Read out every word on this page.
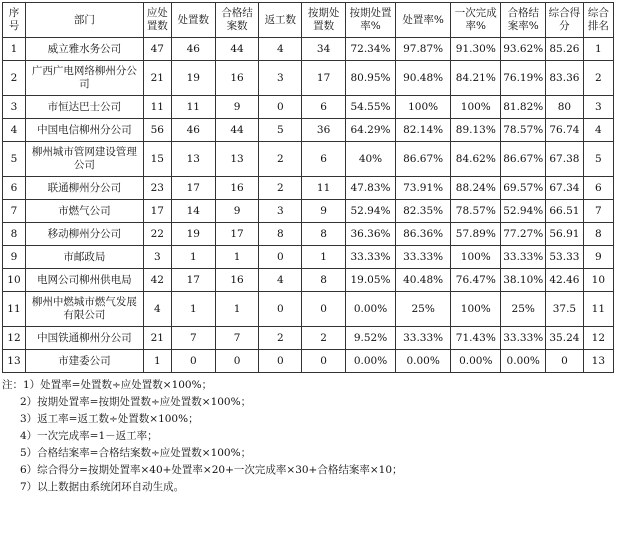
序号	部门	应处置数	处置数	合格结案数	返工数	按期处置数	按期处置率%	处置率%	一次完成率%	合格结案率%	综合得分	综合排名
1	威立雅水务公司	47	46	44	4	34	72.34%	97.87%	91.30%	93.62%	85.26	1
2	广西广电网络柳州分公司	21	19	16	3	17	80.95%	90.48%	84.21%	76.19%	83.36	2
3	市恒达巴士公司	11	11	9	0	6	54.55%	100%	100%	81.82%	80	3
4	中国电信柳州分公司	56	46	44	5	36	64.29%	82.14%	89.13%	78.57%	76.74	4
5	柳州城市管网建设管理公司	15	13	13	2	6	40%	86.67%	84.62%	86.67%	67.38	5
6	联通柳州分公司	23	17	16	2	11	47.83%	73.91%	88.24%	69.57%	67.34	6
7	市燃气公司	17	14	9	3	9	52.94%	82.35%	78.57%	52.94%	66.51	7
8	移动柳州分公司	22	19	17	8	8	36.36%	86.36%	57.89%	77.27%	56.91	8
9	市邮政局	3	1	1	0	1	33.33%	33.33%	100%	33.33%	53.33	9
10	电网公司柳州供电局	42	17	16	4	8	19.05%	40.48%	76.47%	38.10%	42.46	10
11	柳州中燃城市燃气发展有限公司	4	1	1	0	0	0.00%	25%	100%	25%	37.5	11
12	中国铁通柳州分公司	21	7	7	2	2	9.52%	33.33%	71.43%	33.33%	35.24	12
13	市建委公司	1	0	0	0	0	0.00%	0.00%	0.00%	0.00%	0	13
注：1）处置率=处置数÷应处置数×100%；
2）按期处置率=按期处置数÷应处置数×100%；
3）返工率=返工数÷处置数×100%；
4）一次完成率=1－返工率；
5）合格结案率=合格结案数÷应处置数×100%；
6）综合得分=按期处置率×40+处置率×20+一次完成率×30+合格结案率×10；
7）以上数据由系统闭环自动生成。
